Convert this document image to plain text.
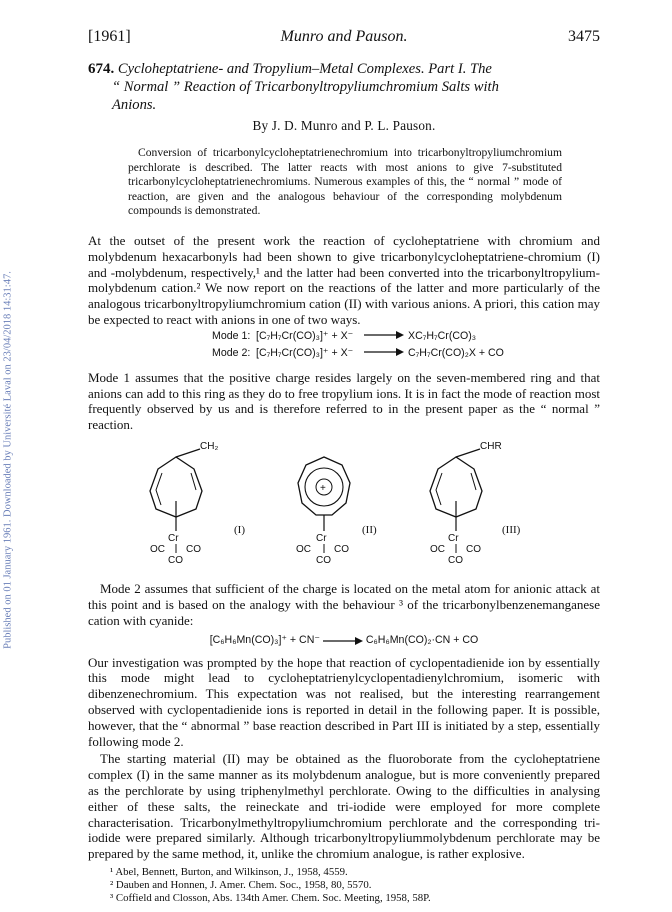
Published on 01 January 1961. Downloaded by Université Laval on 23/04/2018 14:31:47.
[1961]	Munro and Pauson.	3475
674. Cycloheptatriene- and Tropylium–Metal Complexes. Part I. The
“ Normal ” Reaction of Tricarbonyltropyliumchromium Salts with
Anions.
By J. D. Munro and P. L. Pauson.
Conversion of tricarbonylcycloheptatrienechromium into tricarbonyltropyliumchromium perchlorate is described. The latter reacts with most anions to give 7-substituted tricarbonylcycloheptatrienechromiums. Numerous examples of this, the “ normal ” mode of reaction, are given and the analogous behaviour of the corresponding molybdenum compounds is demonstrated.
At the outset of the present work the reaction of cycloheptatriene with chromium and molybdenum hexacarbonyls had been shown to give tricarbonylcycloheptatriene-chromium (I) and -molybdenum, respectively,¹ and the latter had been converted into the tricarbonyltropylium-molybdenum cation.² We now report on the reactions of the latter and more particularly of the analogous tricarbonyltropyliumchromium cation (II) with various anions. A priori, this cation may be expected to react with anions in one of two ways.
Mode 1: [C₇H₇Cr(CO)₃]⁺ + X⁻ → XC₇H₇Cr(CO)₃
Mode 2: [C₇H₇Cr(CO)₃]⁺ + X⁻ → C₇H₇Cr(CO)₂X + CO
Mode 1 assumes that the positive charge resides largely on the seven-membered ring and that anions can add to this ring as they do to free tropylium ions. It is in fact the mode of reaction most frequently observed by us and is therefore referred to in the present paper as the “ normal ” reaction.
CH₂
Cr
OC CO
CO
(I)
+
Cr
OC CO
CO
(II)
CHR
Cr
OC CO
CO
(III)
Mode 2 assumes that sufficient of the charge is located on the metal atom for anionic attack at this point and is based on the analogy with the behaviour ³ of the tricarbonylbenzenemanganese cation with cyanide:
[C₆H₆Mn(CO)₃]⁺ + CN⁻ → C₆H₆Mn(CO)₂·CN + CO
Our investigation was prompted by the hope that reaction of cyclopentadienide ion by essentially this mode might lead to cycloheptatrienylcyclopentadienylchromium, isomeric with dibenzenechromium. This expectation was not realised, but the interesting rearrangement observed with cyclopentadienide ions is reported in detail in the following paper. It is possible, however, that the “ abnormal ” base reaction described in Part III is initiated by a step, essentially following mode 2.
The starting material (II) may be obtained as the fluoroborate from the cycloheptatriene complex (I) in the same manner as its molybdenum analogue, but is more conveniently prepared as the perchlorate by using triphenylmethyl perchlorate. Owing to the difficulties in analysing either of these salts, the reineckate and tri-iodide were employed for more complete characterisation. Tricarbonylmethyltropyliumchromium perchlorate and the corresponding tri-iodide were prepared similarly. Although tricarbonyltropyliummolybdenum perchlorate may be prepared by the same method, it, unlike the chromium analogue, is rather explosive.
¹ Abel, Bennett, Burton, and Wilkinson, J., 1958, 4559.
² Dauben and Honnen, J. Amer. Chem. Soc., 1958, 80, 5570.
³ Coffield and Closson, Abs. 134th Amer. Chem. Soc. Meeting, 1958, 58P.
